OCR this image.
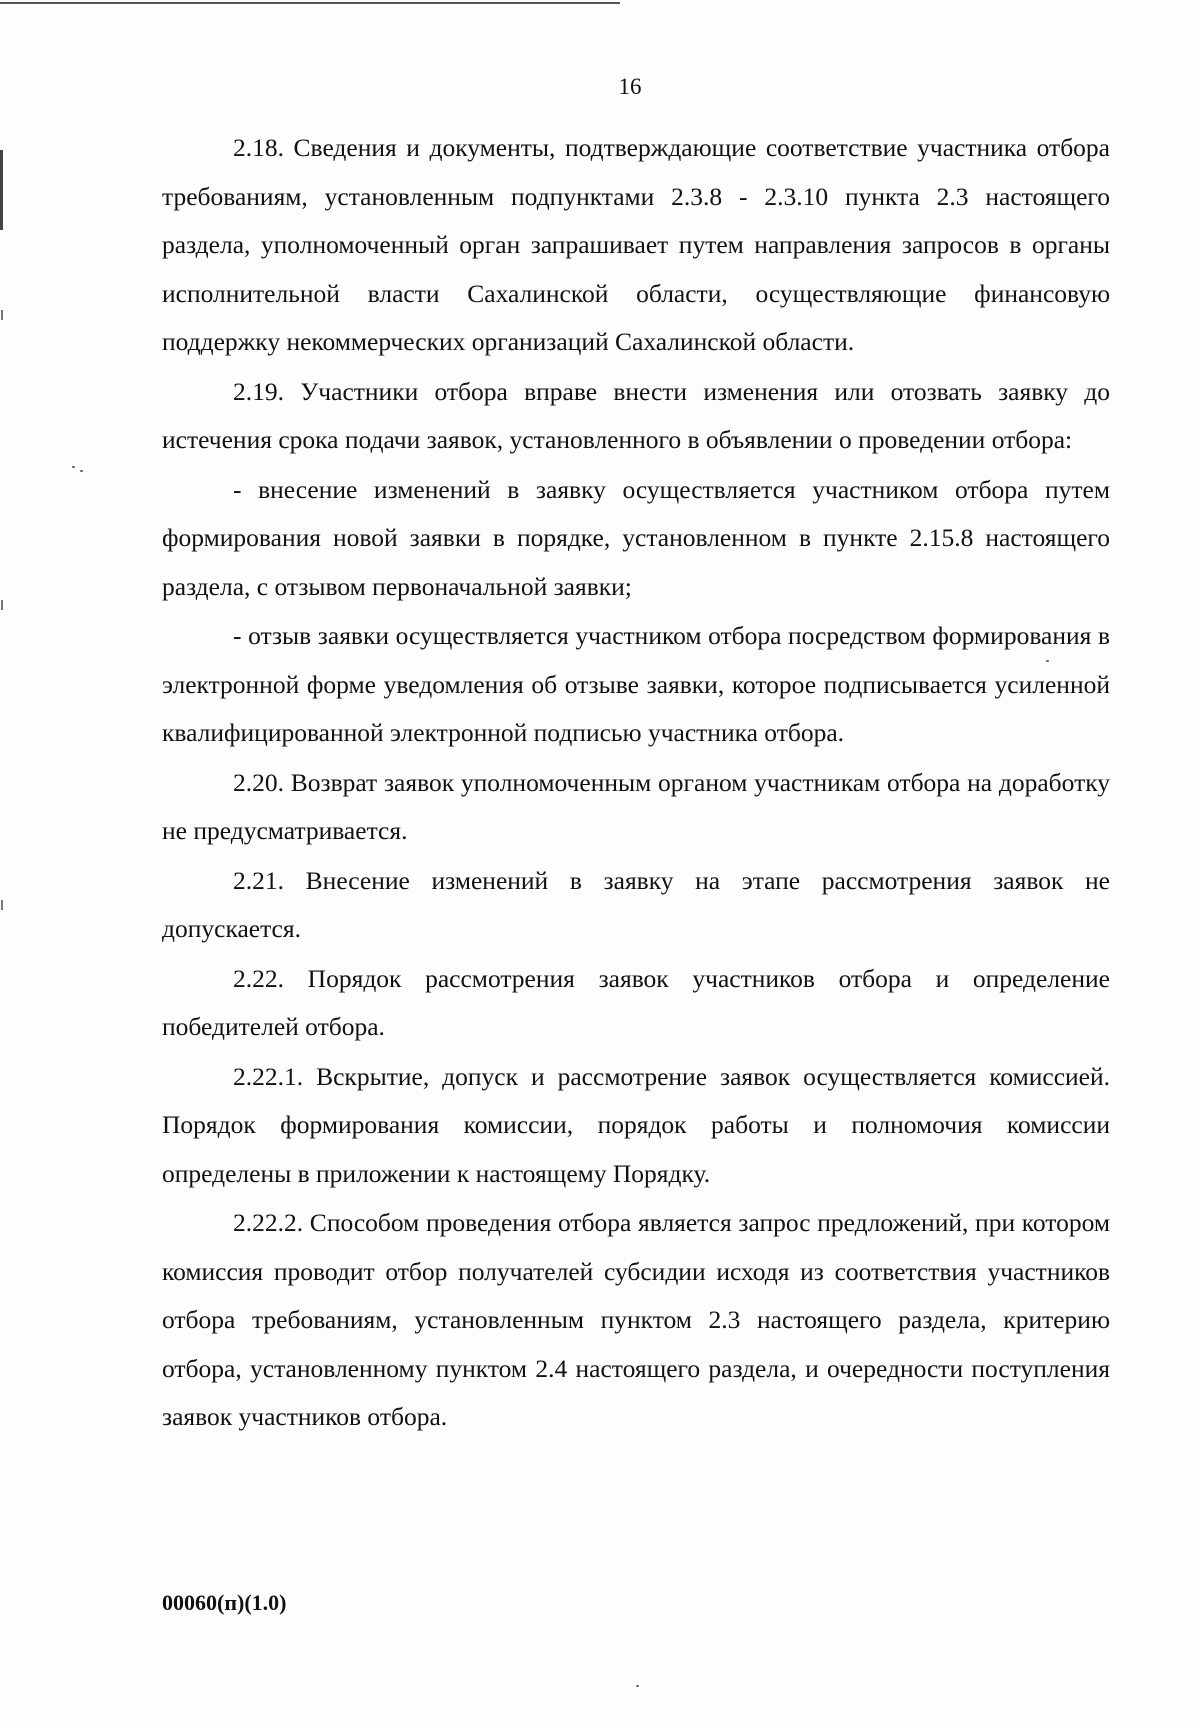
16

2.18. Сведения и документы, подтверждающие соответствие участника отбора требованиям, установленным подпунктами 2.3.8 - 2.3.10 пункта 2.3 настоящего раздела, уполномоченный орган запрашивает путем направления запросов в органы исполнительной власти Сахалинской области, осуществляющие финансовую поддержку некоммерческих организаций Сахалинской области.

2.19. Участники отбора вправе внести изменения или отозвать заявку до истечения срока подачи заявок, установленного в объявлении о проведении отбора:

- внесение изменений в заявку осуществляется участником отбора путем формирования новой заявки в порядке, установленном в пункте 2.15.8 настоящего раздела, с отзывом первоначальной заявки;

- отзыв заявки осуществляется участником отбора посредством формирования в электронной форме уведомления об отзыве заявки, которое подписывается усиленной квалифицированной электронной подписью участника отбора.

2.20. Возврат заявок уполномоченным органом участникам отбора на доработку не предусматривается.

2.21. Внесение изменений в заявку на этапе рассмотрения заявок не допускается.

2.22. Порядок рассмотрения заявок участников отбора и определение победителей отбора.

2.22.1. Вскрытие, допуск и рассмотрение заявок осуществляется комиссией. Порядок формирования комиссии, порядок работы и полномочия комиссии определены в приложении к настоящему Порядку.

2.22.2. Способом проведения отбора является запрос предложений, при котором комиссия проводит отбор получателей субсидии исходя из соответствия участников отбора требованиям, установленным пунктом 2.3 настоящего раздела, критерию отбора, установленному пунктом 2.4 настоящего раздела, и очередности поступления заявок участников отбора.

00060(п)(1.0)
